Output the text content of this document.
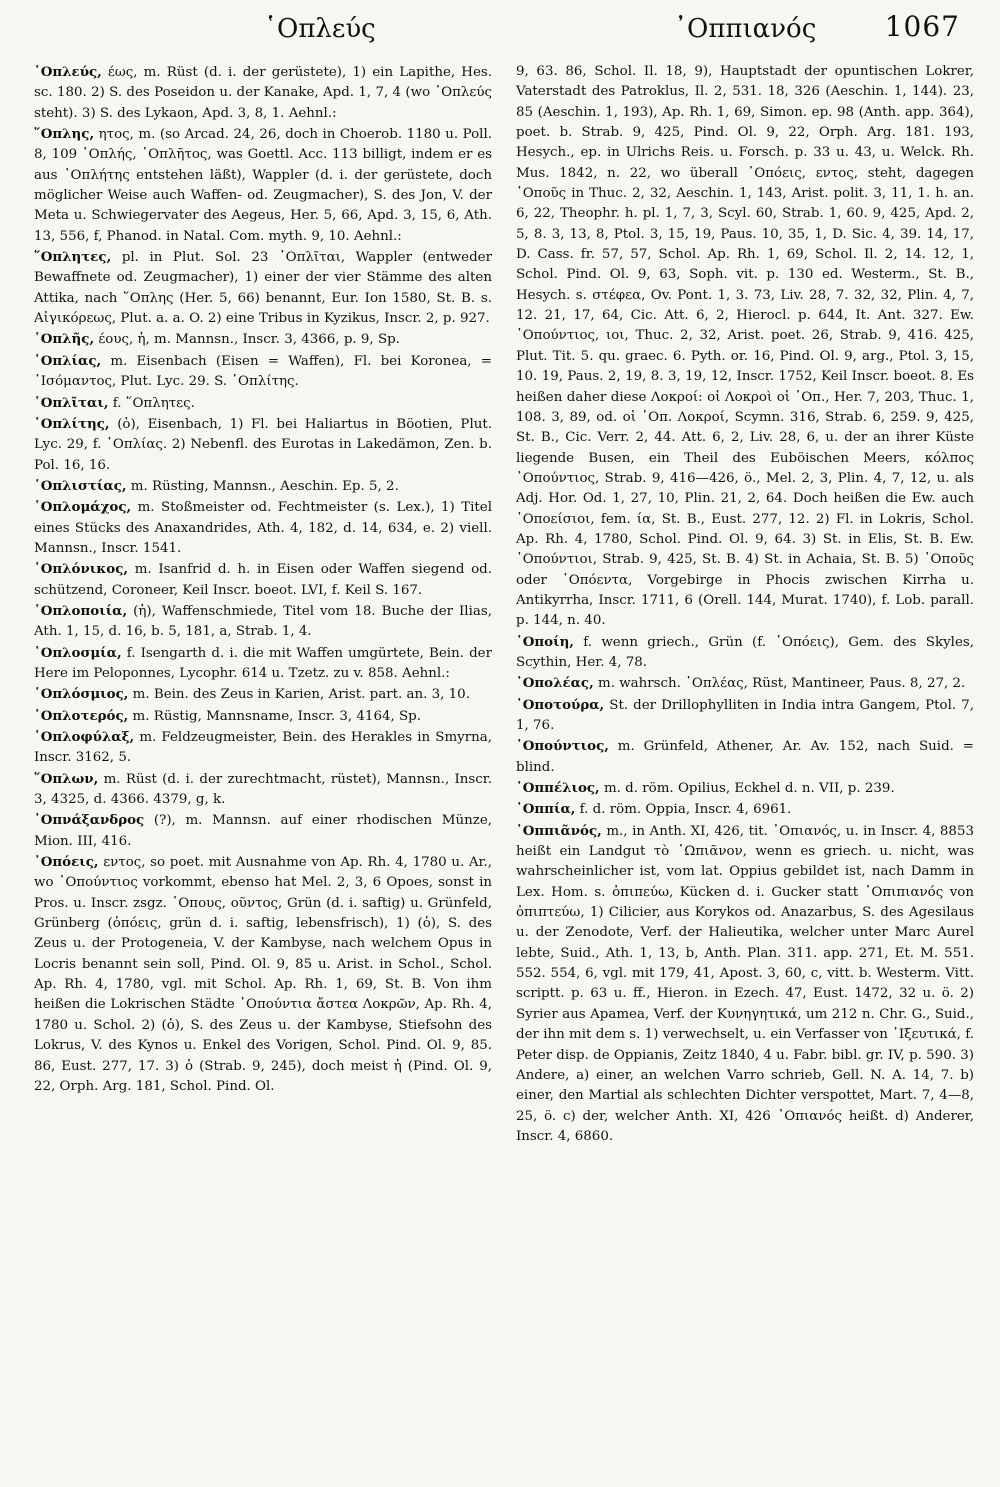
῾Οπλεύς	᾿Οππιανός 1067

῾Οπλεύς, έως, m. Rüst (d. i. der gerüstete), 1) ein Lapithe, Hes. sc. 180. 2) S. des Poseidon u. der Kanake, Apd. 1, 7, 4 (wo ᾿Οπλεύς steht). 3) S. des Lykaon, Apd. 3, 8, 1. Aehnl.:

῞Οπλης, ητος, m. (so Arcad. 24, 26, doch in Choerob. 1180 u. Poll. 8, 109 ῾Οπλής, ῾Οπλῆτος, was Goettl. Acc. 113 billigt, indem er es aus ῾Οπλήτης entstehen läßt), Wappler (d. i. der gerüstete, doch möglicher Weise auch Waffen- od. Zeugmacher), S. des Jon, V. der Meta u. Schwiegervater des Aegeus, Her. 5, 66, Apd. 3, 15, 6, Ath. 13, 556, f, Phanod. in Natal. Com. myth. 9, 10. Aehnl.:

῞Οπλητες, pl. in Plut. Sol. 23 ῾Οπλῖται, Wappler (entweder Bewaffnete od. Zeugmacher), 1) einer der vier Stämme des alten Attika, nach ῞Οπλης (Her. 5, 66) benannt, Eur. Ion 1580, St. B. s. Αἰγικόρεως, Plut. a. a. O. 2) eine Tribus in Kyzikus, Inscr. 2, p. 927.

῾Οπλῆς, έους, ἡ, m. Mannsn., Inscr. 3, 4366, p. 9, Sp.

῾Οπλίας, m. Eisenbach (Eisen = Waffen), Fl. bei Koronea, = ᾿Ισόμαντος, Plut. Lyc. 29. S. ῾Οπλίτης.

῾Οπλῖται, f. ῞Οπλητες.

῾Οπλίτης, (ὁ), Eisenbach, 1) Fl. bei Haliartus in Böotien, Plut. Lyc. 29, f. ῾Οπλίας. 2) Nebenfl. des Eurotas in Lakedämon, Zen. b. Pol. 16, 16.

῾Οπλιστίας, m. Rüsting, Mannsn., Aeschin. Ep. 5, 2.

῾Οπλομάχος, m. Stoßmeister od. Fechtmeister (s. Lex.), 1) Titel eines Stücks des Anaxandrides, Ath. 4, 182, d. 14, 634, e. 2) viell. Mannsn., Inscr. 1541.

῾Οπλόνικος, m. Isanfrid d. h. in Eisen oder Waffen siegend od. schützend, Coroneer, Keil Inscr. boeot. LVI, f. Keil S. 167.

῾Οπλοποιία, (ἡ), Waffenschmiede, Titel vom 18. Buche der Ilias, Ath. 1, 15, d. 16, b. 5, 181, a, Strab. 1, 4.

῾Οπλοσμία, f. Isengarth d. i. die mit Waffen umgürtete, Bein. der Here im Peloponnes, Lycophr. 614 u. Tzetz. zu v. 858. Aehnl.:

῾Οπλόσμιος, m. Bein. des Zeus in Karien, Arist. part. an. 3, 10.

῾Οπλοτερός, m. Rüstig, Mannsname, Inscr. 3, 4164, Sp.

῾Οπλοφύλαξ, m. Feldzeugmeister, Bein. des Herakles in Smyrna, Inscr. 3162, 5.

῞Οπλων, m. Rüst (d. i. der zurechtmacht, rüstet), Mannsn., Inscr. 3, 4325, d. 4366. 4379, g, k.

᾿Οπνάξανδρος (?), m. Mannsn. auf einer rhodischen Münze, Mion. III, 416.

᾿Οπόεις, εντος, so poet. mit Ausnahme von Ap. Rh. 4, 1780 u. Ar., wo ᾿Οπούντιος vorkommt, ebenso hat Mel. 2, 3, 6 Opoes, sonst in Pros. u. Inscr. zsgz. ᾿Οπους, οῦντος, Grün (d. i. saftig) u. Grünfeld, Grünberg (ὀπόεις, grün d. i. saftig, lebensfrisch), 1) (ὁ), S. des Zeus u. der Protogeneia, V. der Kambyse, nach welchem Opus in Locris benannt sein soll, Pind. Ol. 9, 85 u. Arist. in Schol., Schol. Ap. Rh. 4, 1780, vgl. mit Schol. Ap. Rh. 1, 69, St. B. Von ihm heißen die Lokrischen Städte ᾿Οπούντια ἄστεα Λοκρῶν, Ap. Rh. 4, 1780 u. Schol. 2) (ὁ), S. des Zeus u. der Kambyse, Stiefsohn des Lokrus, V. des Kynos u. Enkel des Vorigen, Schol. Pind. Ol. 9, 85. 86, Eust. 277, 17. 3) ὁ (Strab. 9, 245), doch meist ἡ (Pind. Ol. 9, 22, Orph. Arg. 181, Schol. Pind. Ol.

9, 63. 86, Schol. Il. 18, 9), Hauptstadt der opuntischen Lokrer, Vaterstadt des Patroklus, Il. 2, 531. 18, 326 (Aeschin. 1, 144). 23, 85 (Aeschin. 1, 193), Ap. Rh. 1, 69, Simon. ep. 98 (Anth. app. 364), poet. b. Strab. 9, 425, Pind. Ol. 9, 22, Orph. Arg. 181. 193, Hesych., ep. in Ulrichs Reis. u. Forsch. p. 33 u. 43, u. Welck. Rh. Mus. 1842, n. 22, wo überall ᾿Οπόεις, εντος, steht, dagegen ᾿Οποῦς in Thuc. 2, 32, Aeschin. 1, 143, Arist. polit. 3, 11, 1. h. an. 6, 22, Theophr. h. pl. 1, 7, 3, Scyl. 60, Strab. 1, 60. 9, 425, Apd. 2, 5, 8. 3, 13, 8, Ptol. 3, 15, 19, Paus. 10, 35, 1, D. Sic. 4, 39. 14, 17, D. Cass. fr. 57, 57, Schol. Ap. Rh. 1, 69, Schol. Il. 2, 14. 12, 1, Schol. Pind. Ol. 9, 63, Soph. vit. p. 130 ed. Westerm., St. B., Hesych. s. στέφεα, Ov. Pont. 1, 3. 73, Liv. 28, 7. 32, 32, Plin. 4, 7, 12. 21, 17, 64, Cic. Att. 6, 2, Hierocl. p. 644, It. Ant. 327. Ew. ᾿Οπούντιος, ιοι, Thuc. 2, 32, Arist. poet. 26, Strab. 9, 416. 425, Plut. Tit. 5. qu. graec. 6. Pyth. or. 16, Pind. Ol. 9, arg., Ptol. 3, 15, 10. 19, Paus. 2, 19, 8. 3, 19, 12, Inscr. 1752, Keil Inscr. boeot. 8. Es heißen daher diese Λοκροί: οἱ Λοκροὶ οἱ ᾿Οπ., Her. 7, 203, Thuc. 1, 108. 3, 89, od. οἱ ᾿Οπ. Λοκροί, Scymn. 316, Strab. 6, 259. 9, 425, St. B., Cic. Verr. 2, 44. Att. 6, 2, Liv. 28, 6, u. der an ihrer Küste liegende Busen, ein Theil des Euböischen Meers, κόλπος ᾿Οπούντιος, Strab. 9, 416—426, ö., Mel. 2, 3, Plin. 4, 7, 12, u. als Adj. Hor. Od. 1, 27, 10, Plin. 21, 2, 64. Doch heißen die Ew. auch ᾿Οποείσιοι, fem. ία, St. B., Eust. 277, 12. 2) Fl. in Lokris, Schol. Ap. Rh. 4, 1780, Schol. Pind. Ol. 9, 64. 3) St. in Elis, St. B. Ew. ᾿Οπούντιοι, Strab. 9, 425, St. B. 4) St. in Achaia, St. B. 5) ᾿Οποῦς oder ᾿Οπόεντα, Vorgebirge in Phocis zwischen Kirrha u. Antikyrrha, Inscr. 1711, 6 (Orell. 144, Murat. 1740), f. Lob. parall. p. 144, n. 40.

᾿Οποίη, f. wenn griech., Grün (f. ᾿Οπόεις), Gem. des Skyles, Scythin, Her. 4, 78.

᾿Οπολέας, m. wahrsch. ῾Οπλέας, Rüst, Mantineer, Paus. 8, 27, 2.

᾿Οποτούρα, St. der Drillophylliten in India intra Gangem, Ptol. 7, 1, 76.

᾿Οπούντιος, m. Grünfeld, Athener, Ar. Av. 152, nach Suid. = blind.

᾿Οππέλιος, m. d. röm. Opilius, Eckhel d. n. VII, p. 239.

᾿Οππία, f. d. röm. Oppia, Inscr. 4, 6961.

᾿Οππιᾶνός, m., in Anth. XI, 426, tit. ᾿Οπιανός, u. in Inscr. 4, 8853 heißt ein Landgut τὸ ᾿Ωπιᾶνον, wenn es griech. u. nicht, was wahrscheinlicher ist, vom lat. Oppius gebildet ist, nach Damm in Lex. Hom. s. ὀπιπεύω, Kücken d. i. Gucker statt ᾿Οπιπιανός von ὀπιπτεύω, 1) Cilicier, aus Korykos od. Anazarbus, S. des Agesilaus u. der Zenodote, Verf. der Halieutika, welcher unter Marc Aurel lebte, Suid., Ath. 1, 13, b, Anth. Plan. 311. app. 271, Et. M. 551. 552. 554, 6, vgl. mit 179, 41, Apost. 3, 60, c, vitt. b. Westerm. Vitt. scriptt. p. 63 u. ff., Hieron. in Ezech. 47, Eust. 1472, 32 u. ö. 2) Syrier aus Apamea, Verf. der Κυνηγητικά, um 212 n. Chr. G., Suid., der ihn mit dem s. 1) verwechselt, u. ein Verfasser von ᾿Ιξευτικά, f. Peter disp. de Oppianis, Zeitz 1840, 4 u. Fabr. bibl. gr. IV, p. 590. 3) Andere, a) einer, an welchen Varro schrieb, Gell. N. A. 14, 7. b) einer, den Martial als schlechten Dichter verspottet, Mart. 7, 4—8, 25, ö. c) der, welcher Anth. XI, 426 ᾿Οπιανός heißt. d) Anderer, Inscr. 4, 6860.
